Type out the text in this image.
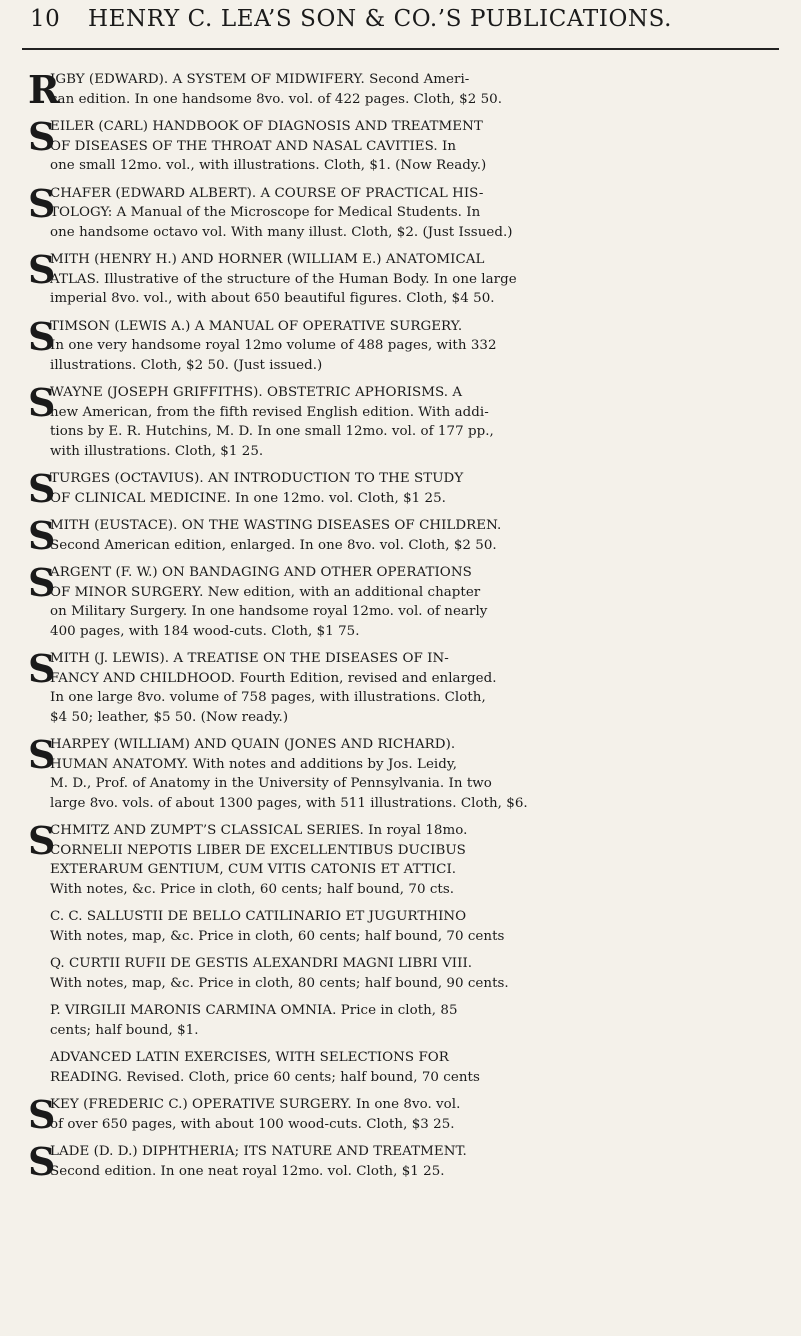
10 HENRY C. LEA’S SON & CO.’S PUBLICATIONS.
R
IGBY (EDWARD). A SYSTEM OF MIDWIFERY. Second Ameri-
can edition. In one handsome 8vo. vol. of 422 pages. Cloth, $2 50.
S
EILER (CARL) HANDBOOK OF DIAGNOSIS AND TREATMENT
OF DISEASES OF THE THROAT AND NASAL CAVITIES. In
one small 12mo. vol., with illustrations. Cloth, $1. (Now Ready.)
S
CHAFER (EDWARD ALBERT). A COURSE OF PRACTICAL HIS-
TOLOGY: A Manual of the Microscope for Medical Students. In
one handsome octavo vol. With many illust. Cloth, $2. (Just Issued.)
S
MITH (HENRY H.) AND HORNER (WILLIAM E.) ANATOMICAL
ATLAS. Illustrative of the structure of the Human Body. In one large
imperial 8vo. vol., with about 650 beautiful figures. Cloth, $4 50.
S
TIMSON (LEWIS A.) A MANUAL OF OPERATIVE SURGERY.
In one very handsome royal 12mo volume of 488 pages, with 332
illustrations. Cloth, $2 50. (Just issued.)
S
WAYNE (JOSEPH GRIFFITHS). OBSTETRIC APHORISMS. A
new American, from the fifth revised English edition. With addi-
tions by E. R. Hutchins, M. D. In one small 12mo. vol. of 177 pp.,
with illustrations. Cloth, $1 25.
S
TURGES (OCTAVIUS). AN INTRODUCTION TO THE STUDY
OF CLINICAL MEDICINE. In one 12mo. vol. Cloth, $1 25.
S
MITH (EUSTACE). ON THE WASTING DISEASES OF CHILDREN.
Second American edition, enlarged. In one 8vo. vol. Cloth, $2 50.
S
ARGENT (F. W.) ON BANDAGING AND OTHER OPERATIONS
OF MINOR SURGERY. New edition, with an additional chapter
on Military Surgery. In one handsome royal 12mo. vol. of nearly
400 pages, with 184 wood-cuts. Cloth, $1 75.
S
MITH (J. LEWIS). A TREATISE ON THE DISEASES OF IN-
FANCY AND CHILDHOOD. Fourth Edition, revised and enlarged.
In one large 8vo. volume of 758 pages, with illustrations. Cloth,
$4 50; leather, $5 50. (Now ready.)
S
HARPEY (WILLIAM) AND QUAIN (JONES AND RICHARD).
HUMAN ANATOMY. With notes and additions by Jos. Leidy,
M. D., Prof. of Anatomy in the University of Pennsylvania. In two
large 8vo. vols. of about 1300 pages, with 511 illustrations. Cloth, $6.
S
CHMITZ AND ZUMPT’S CLASSICAL SERIES. In royal 18mo.
CORNELII NEPOTIS LIBER DE EXCELLENTIBUS DUCIBUS
EXTERARUM GENTIUM, CUM VITIS CATONIS ET ATTICI.
With notes, &c. Price in cloth, 60 cents; half bound, 70 cts.
C. C. SALLUSTII DE BELLO CATILINARIO ET JUGURTHINO
With notes, map, &c. Price in cloth, 60 cents; half bound, 70 cents
Q. CURTII RUFII DE GESTIS ALEXANDRI MAGNI LIBRI VIII.
With notes, map, &c. Price in cloth, 80 cents; half bound, 90 cents.
P. VIRGILII MARONIS CARMINA OMNIA. Price in cloth, 85
cents; half bound, $1.
ADVANCED LATIN EXERCISES, WITH SELECTIONS FOR
READING. Revised. Cloth, price 60 cents; half bound, 70 cents
S
KEY (FREDERIC C.) OPERATIVE SURGERY. In one 8vo. vol.
of over 650 pages, with about 100 wood-cuts. Cloth, $3 25.
S
LADE (D. D.) DIPHTHERIA; ITS NATURE AND TREATMENT.
Second edition. In one neat royal 12mo. vol. Cloth, $1 25.
